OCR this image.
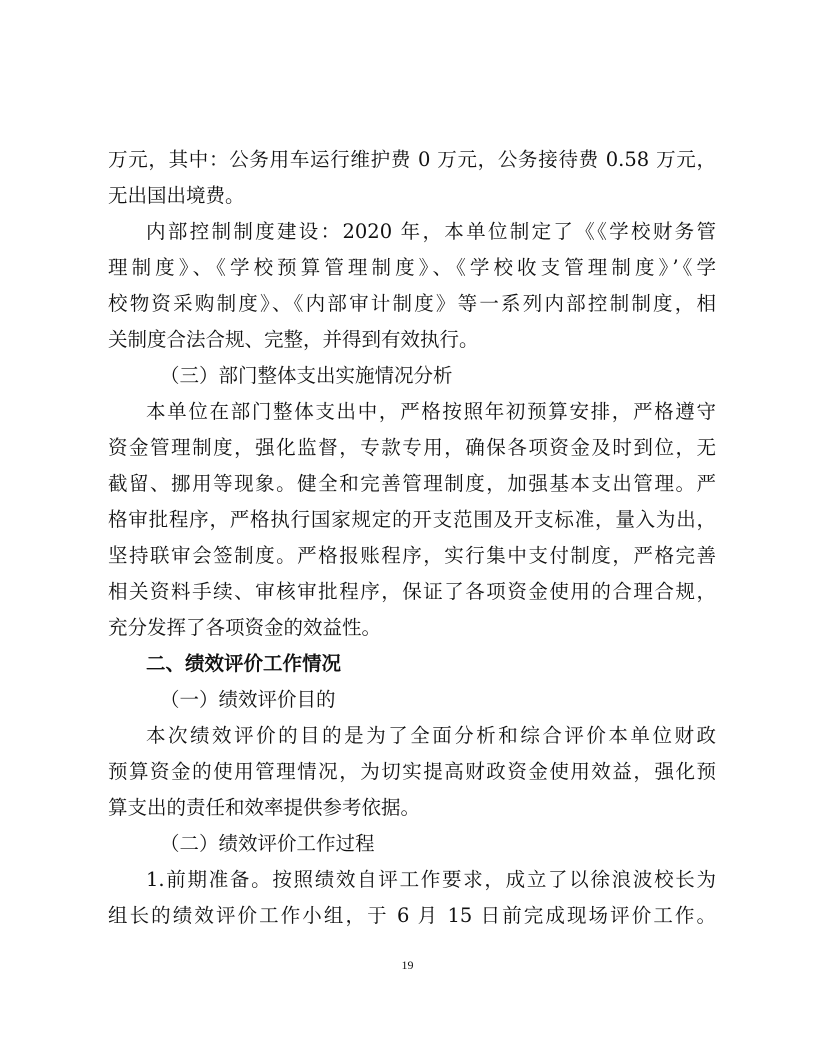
万元，其中：公务用车运行维护费 0 万元，公务接待费 0.58 万元，
无出国出境费。
内部控制制度建设：2020 年，本单位制定了《《学校财务管
理制度》、《学校预算管理制度》、《学校收支管理制度》’《学
校物资采购制度》、《内部审计制度》等一系列内部控制制度，相
关制度合法合规、完整，并得到有效执行。
（三）部门整体支出实施情况分析
本单位在部门整体支出中，严格按照年初预算安排，严格遵守
资金管理制度，强化监督，专款专用，确保各项资金及时到位，无
截留、挪用等现象。健全和完善管理制度，加强基本支出管理。严
格审批程序，严格执行国家规定的开支范围及开支标准，量入为出，
坚持联审会签制度。严格报账程序，实行集中支付制度，严格完善
相关资料手续、审核审批程序，保证了各项资金使用的合理合规，
充分发挥了各项资金的效益性。
二、绩效评价工作情况
（一）绩效评价目的
本次绩效评价的目的是为了全面分析和综合评价本单位财政
预算资金的使用管理情况，为切实提高财政资金使用效益，强化预
算支出的责任和效率提供参考依据。
（二）绩效评价工作过程
1.前期准备。按照绩效自评工作要求，成立了以徐浪波校长为
组长的绩效评价工作小组，于 6 月 15 日前完成现场评价工作。
19
